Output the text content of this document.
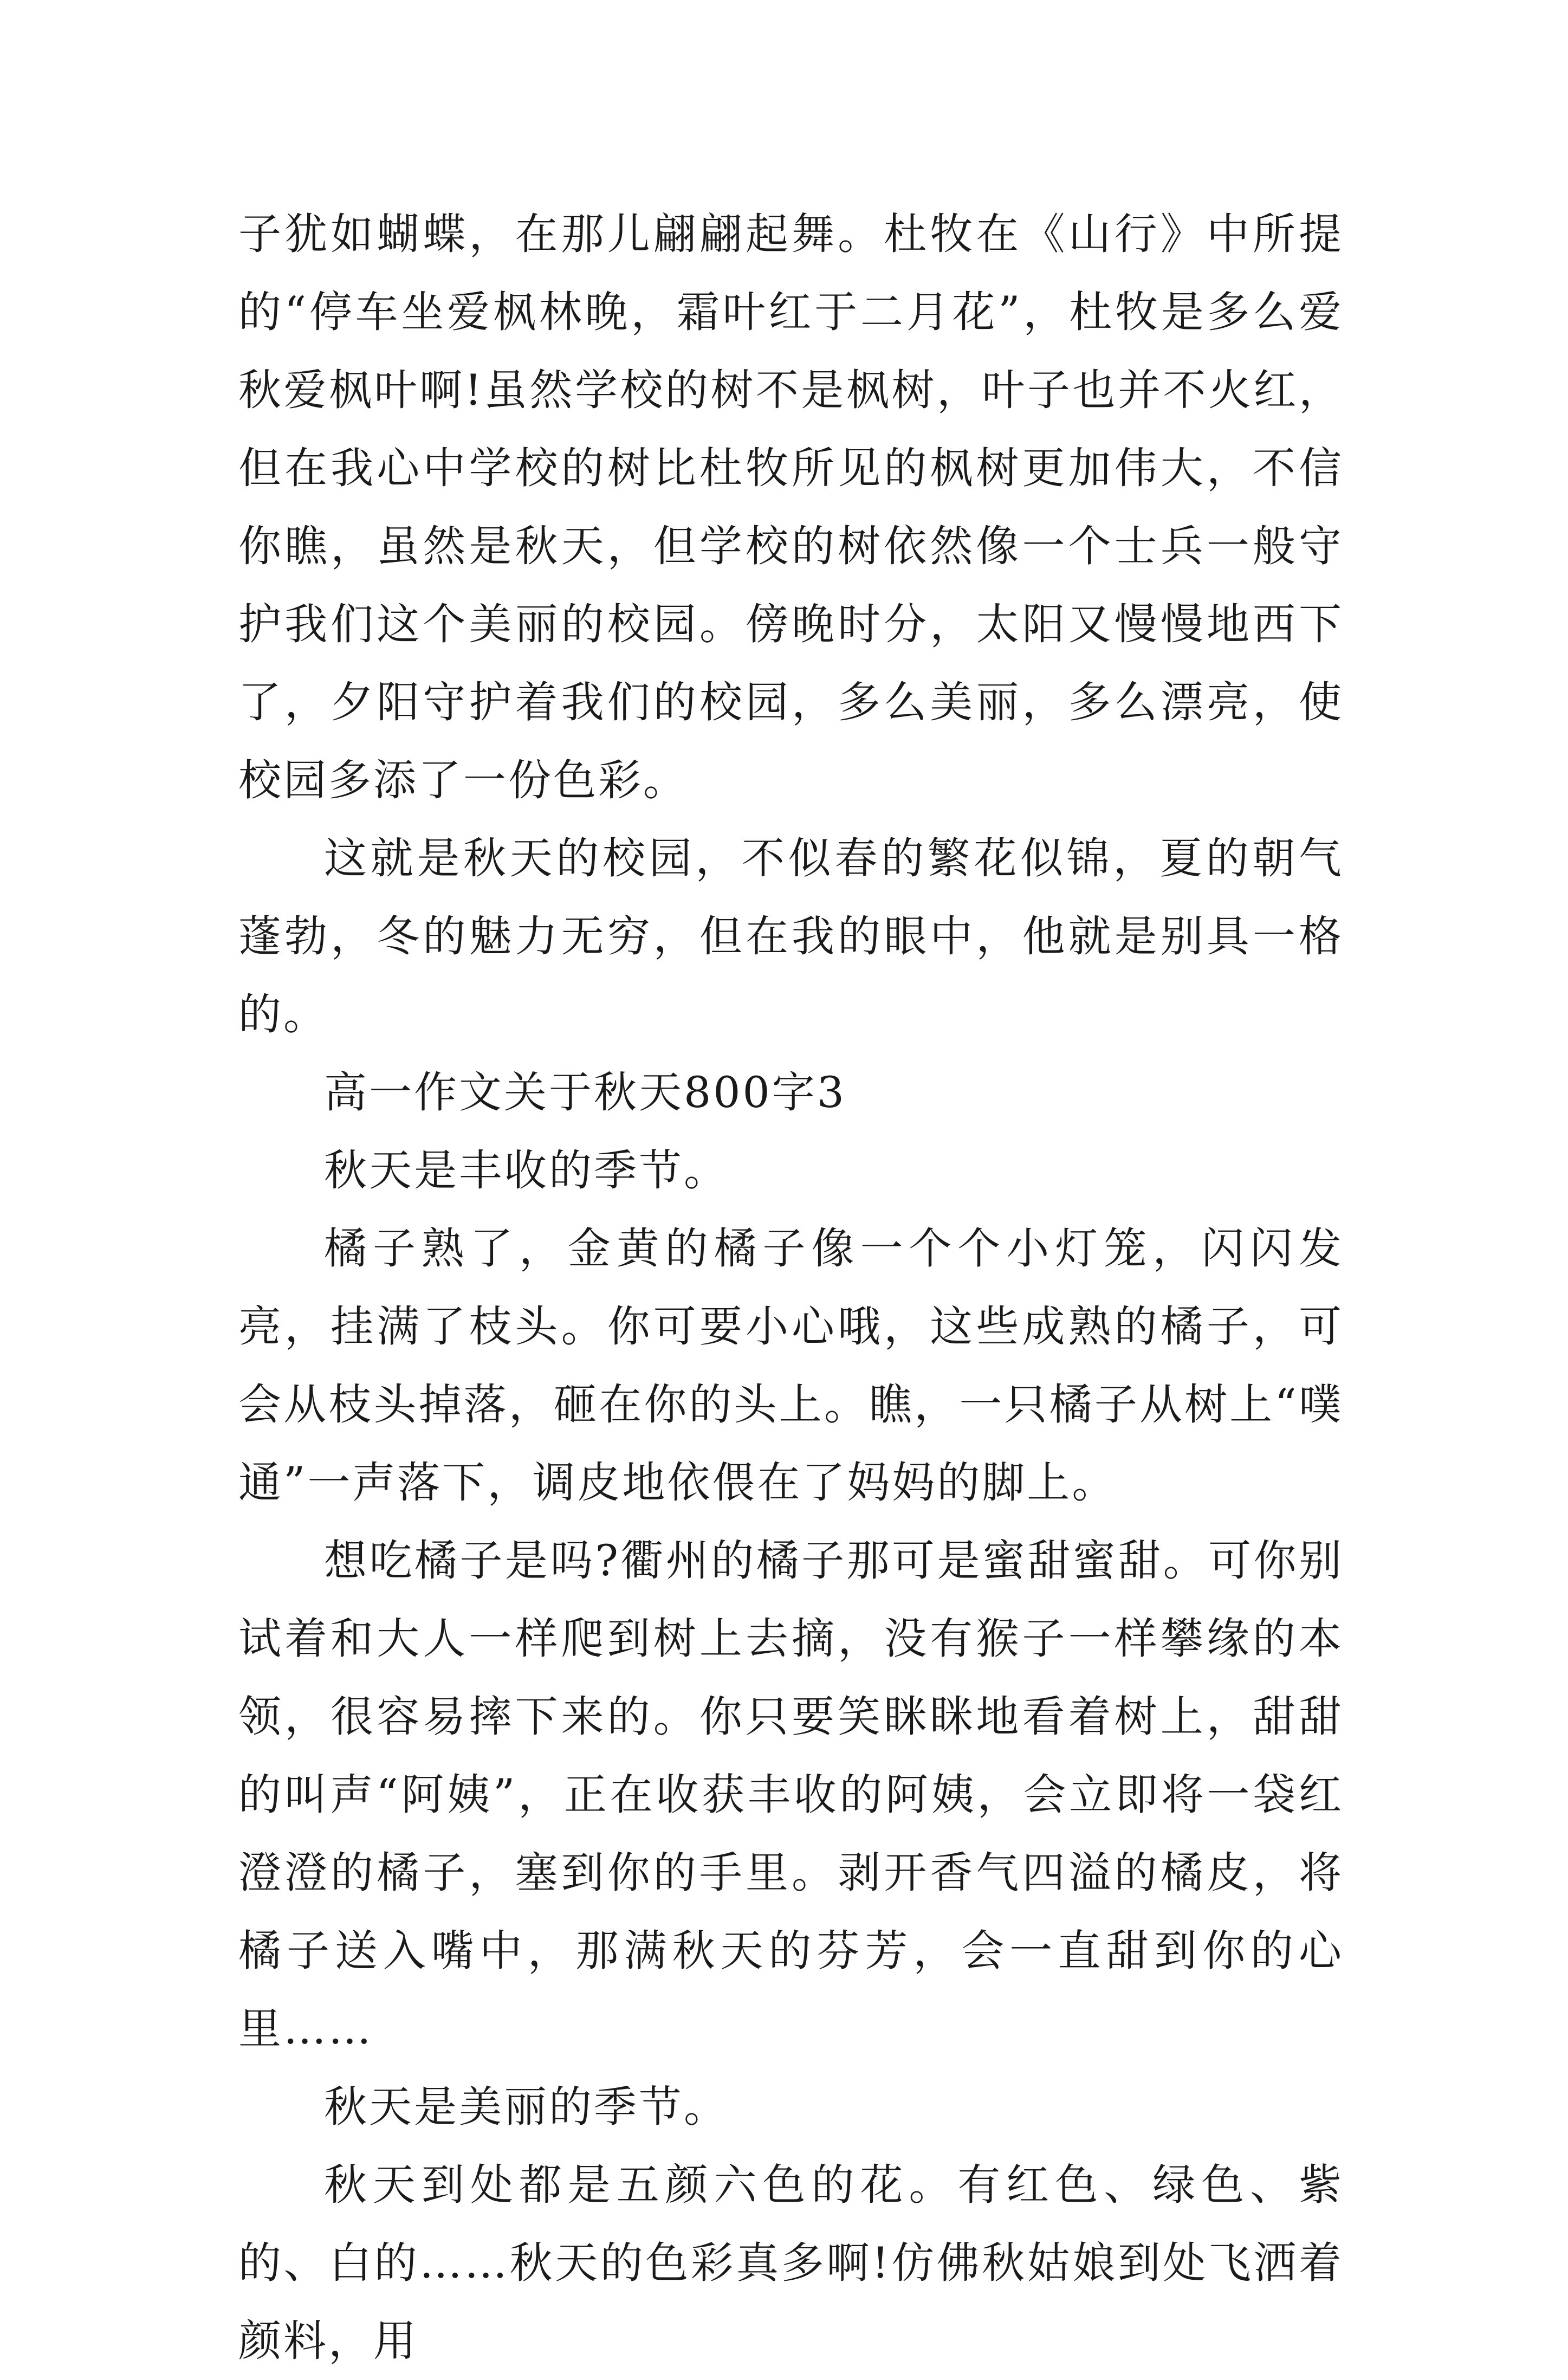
子犹如蝴蝶，在那儿翩翩起舞。杜牧在《山行》中所提的“停车坐爱枫林晚，霜叶红于二月花”，杜牧是多么爱秋爱枫叶啊!虽然学校的树不是枫树，叶子也并不火红，但在我心中学校的树比杜牧所见的枫树更加伟大，不信你瞧，虽然是秋天，但学校的树依然像一个士兵一般守护我们这个美丽的校园。傍晚时分，太阳又慢慢地西下了，夕阳守护着我们的校园，多么美丽，多么漂亮，使校园多添了一份色彩。

这就是秋天的校园，不似春的繁花似锦，夏的朝气蓬勃，冬的魅力无穷，但在我的眼中，他就是别具一格的。

高一作文关于秋天800字3

秋天是丰收的季节。

橘子熟了，金黄的橘子像一个个小灯笼，闪闪发亮，挂满了枝头。你可要小心哦，这些成熟的橘子，可会从枝头掉落，砸在你的头上。瞧，一只橘子从树上“噗通”一声落下，调皮地依偎在了妈妈的脚上。

想吃橘子是吗?衢州的橘子那可是蜜甜蜜甜。可你别试着和大人一样爬到树上去摘，没有猴子一样攀缘的本领，很容易摔下来的。你只要笑眯眯地看着树上，甜甜的叫声“阿姨”，正在收获丰收的阿姨，会立即将一袋红澄澄的橘子，塞到你的手里。剥开香气四溢的橘皮，将橘子送入嘴中，那满秋天的芬芳，会一直甜到你的心里……

秋天是美丽的季节。

秋天到处都是五颜六色的花。有红色、绿色、紫的、白的……秋天的色彩真多啊!仿佛秋姑娘到处飞洒着颜料，用
